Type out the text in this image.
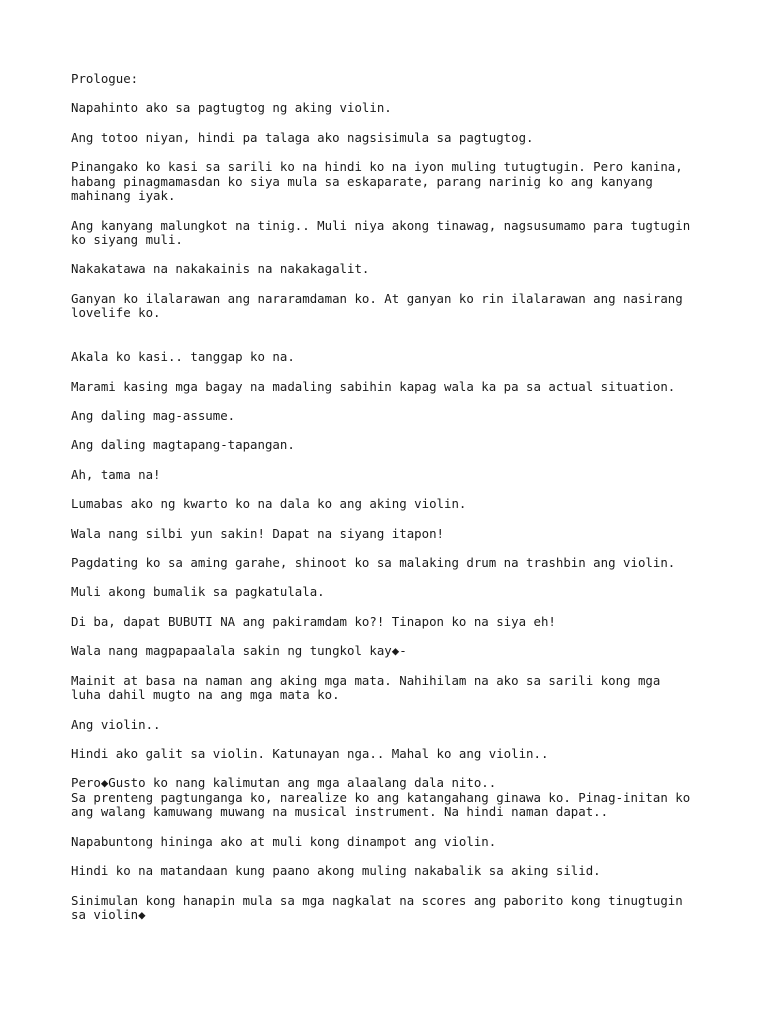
Prologue:

Napahinto ako sa pagtugtog ng aking violin.

Ang totoo niyan, hindi pa talaga ako nagsisimula sa pagtugtog.

Pinangako ko kasi sa sarili ko na hindi ko na iyon muling tutugtugin. Pero kanina,

habang pinagmamasdan ko siya mula sa eskaparate, parang narinig ko ang kanyang

mahinang iyak.

Ang kanyang malungkot na tinig.. Muli niya akong tinawag, nagsusumamo para tugtugin

ko siyang muli.

Nakakatawa na nakakainis na nakakagalit.

Ganyan ko ilalarawan ang nararamdaman ko. At ganyan ko rin ilalarawan ang nasirang

lovelife ko.

Akala ko kasi.. tanggap ko na.

Marami kasing mga bagay na madaling sabihin kapag wala ka pa sa actual situation.

Ang daling mag-assume.

Ang daling magtapang-tapangan.

Ah, tama na!

Lumabas ako ng kwarto ko na dala ko ang aking violin.

Wala nang silbi yun sakin! Dapat na siyang itapon!

Pagdating ko sa aming garahe, shinoot ko sa malaking drum na trashbin ang violin.

Muli akong bumalik sa pagkatulala.

Di ba, dapat BUBUTI NA ang pakiramdam ko?! Tinapon ko na siya eh!

Wala nang magpapaalala sakin ng tungkol kay◆-

Mainit at basa na naman ang aking mga mata. Nahihilam na ako sa sarili kong mga

luha dahil mugto na ang mga mata ko.

Ang violin..

Hindi ako galit sa violin. Katunayan nga.. Mahal ko ang violin..

Pero◆Gusto ko nang kalimutan ang mga alaalang dala nito..

Sa prenteng pagtunganga ko, narealize ko ang katangahang ginawa ko. Pinag-initan ko

ang walang kamuwang muwang na musical instrument. Na hindi naman dapat..

Napabuntong hininga ako at muli kong dinampot ang violin.

Hindi ko na matandaan kung paano akong muling nakabalik sa aking silid.

Sinimulan kong hanapin mula sa mga nagkalat na scores ang paborito kong tinugtugin

sa violin◆
